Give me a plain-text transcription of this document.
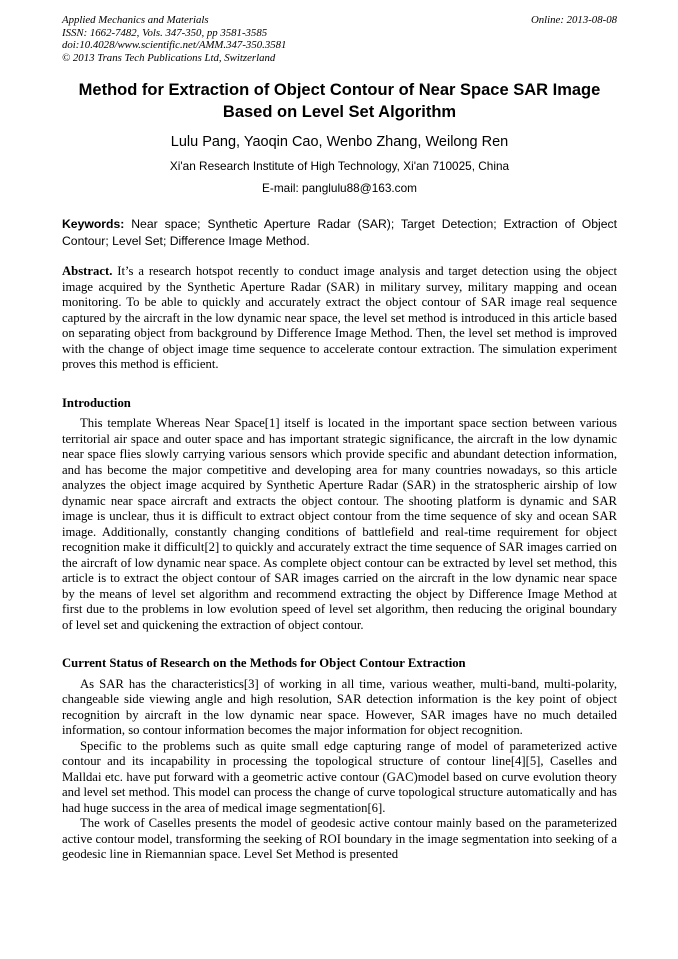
Applied Mechanics and Materials
ISSN: 1662-7482, Vols. 347-350, pp 3581-3585
doi:10.4028/www.scientific.net/AMM.347-350.3581
© 2013 Trans Tech Publications Ltd, Switzerland
Online: 2013-08-08
Method for Extraction of Object Contour of Near Space SAR Image
Based on Level Set Algorithm
Lulu Pang, Yaoqin Cao, Wenbo Zhang, Weilong Ren
Xi'an Research Institute of High Technology, Xi'an 710025, China
E-mail: panglulu88@163.com

Keywords: Near space; Synthetic Aperture Radar (SAR); Target Detection; Extraction of Object Contour; Level Set; Difference Image Method.

Abstract. It’s a research hotspot recently to conduct image analysis and target detection using the object image acquired by the Synthetic Aperture Radar (SAR) in military survey, military mapping and ocean monitoring. To be able to quickly and accurately extract the object contour of SAR image real sequence captured by the aircraft in the low dynamic near space, the level set method is introduced in this article based on separating object from background by Difference Image Method. Then, the level set method is improved with the change of object image time sequence to accelerate contour extraction. The simulation experiment proves this method is efficient.

Introduction

This template Whereas Near Space[1] itself is located in the important space section between various territorial air space and outer space and has important strategic significance, the aircraft in the low dynamic near space flies slowly carrying various sensors which provide specific and abundant detection information, and has become the major competitive and developing area for many countries nowadays, so this article analyzes the object image acquired by Synthetic Aperture Radar (SAR) in the stratospheric airship of low dynamic near space aircraft and extracts the object contour. The shooting platform is dynamic and SAR image is unclear, thus it is difficult to extract object contour from the time sequence of sky and ocean SAR image. Additionally, constantly changing conditions of battlefield and real-time requirement for object recognition make it difficult[2] to quickly and accurately extract the time sequence of SAR images carried on the aircraft of low dynamic near space. As complete object contour can be extracted by level set method, this article is to extract the object contour of SAR images carried on the aircraft in the low dynamic near space by the means of level set algorithm and recommend extracting the object by Difference Image Method at first due to the problems in low evolution speed of level set algorithm, then reducing the original boundary of level set and quickening the extraction of object contour.

Current Status of Research on the Methods for Object Contour Extraction

As SAR has the characteristics[3] of working in all time, various weather, multi-band, multi-polarity, changeable side viewing angle and high resolution, SAR detection information is the key point of object recognition by aircraft in the low dynamic near space. However, SAR images have no much detailed information, so contour information becomes the major information for object recognition.

Specific to the problems such as quite small edge capturing range of model of parameterized active contour and its incapability in processing the topological structure of contour line[4][5], Caselles and Malldai etc. have put forward with a geometric active contour (GAC)model based on curve evolution theory and level set method. This model can process the change of curve topological structure automatically and has had huge success in the area of medical image segmentation[6].

The work of Caselles presents the model of geodesic active contour mainly based on the parameterized active contour model, transforming the seeking of ROI boundary in the image segmentation into seeking of a geodesic line in Riemannian space. Level Set Method is presented
